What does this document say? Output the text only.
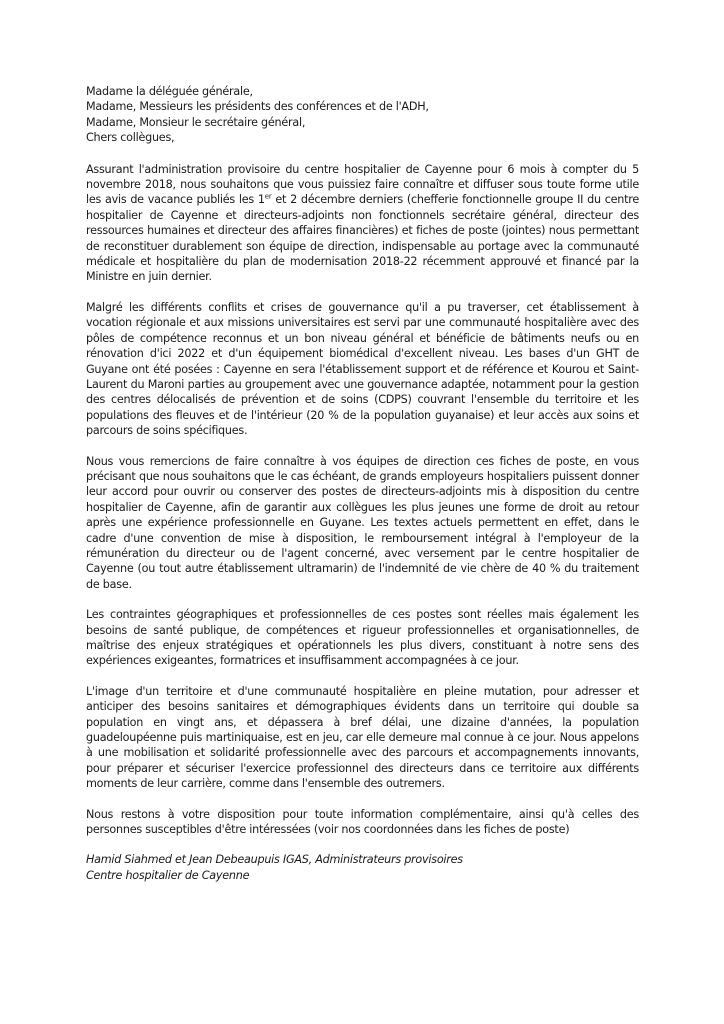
Madame la déléguée générale,

Madame, Messieurs les présidents des conférences et de l'ADH,

Madame, Monsieur le secrétaire général,

Chers collègues,

Assurant l'administration provisoire du centre hospitalier de Cayenne pour 6 mois à compter du 5 novembre 2018, nous souhaitons que vous puissiez faire connaître et diffuser sous toute forme utile les avis de vacance publiés les 1er et 2 décembre derniers (chefferie fonctionnelle groupe II du centre hospitalier de Cayenne et directeurs-adjoints non fonctionnels secrétaire général, directeur des ressources humaines et directeur des affaires financières) et fiches de poste (jointes) nous permettant de reconstituer durablement son équipe de direction, indispensable au portage avec la communauté médicale et hospitalière du plan de modernisation 2018-22 récemment approuvé et financé par la Ministre en juin dernier.

Malgré les différents conflits et crises de gouvernance qu'il a pu traverser, cet établissement à vocation régionale et aux missions universitaires est servi par une communauté hospitalière avec des pôles de compétence reconnus et un bon niveau général et bénéficie de bâtiments neufs ou en rénovation d'ici 2022 et d'un équipement biomédical d'excellent niveau. Les bases d'un GHT de Guyane ont été posées : Cayenne en sera l'établissement support et de référence et Kourou et Saint-Laurent du Maroni parties au groupement avec une gouvernance adaptée, notamment pour la gestion des centres délocalisés de prévention et de soins (CDPS) couvrant l'ensemble du territoire et les populations des fleuves et de l'intérieur (20 % de la population guyanaise) et leur accès aux soins et parcours de soins spécifiques.

Nous vous remercions de faire connaître à vos équipes de direction ces fiches de poste, en vous précisant que nous souhaitons que le cas échéant, de grands employeurs hospitaliers puissent donner leur accord pour ouvrir ou conserver des postes de directeurs-adjoints mis à disposition du centre hospitalier de Cayenne, afin de garantir aux collègues les plus jeunes une forme de droit au retour après une expérience professionnelle en Guyane. Les textes actuels permettent en effet, dans le cadre d'une convention de mise à disposition, le remboursement intégral à l'employeur de la rémunération du directeur ou de l'agent concerné, avec versement par le centre hospitalier de Cayenne (ou tout autre établissement ultramarin) de l'indemnité de vie chère de 40 % du traitement de base.

Les contraintes géographiques et professionnelles de ces postes sont réelles mais également les besoins de santé publique, de compétences et rigueur professionnelles et organisationnelles, de maîtrise des enjeux stratégiques et opérationnels les plus divers, constituant à notre sens des expériences exigeantes, formatrices et insuffisamment accompagnées à ce jour.

L'image d'un territoire et d'une communauté hospitalière en pleine mutation, pour adresser et anticiper des besoins sanitaires et démographiques évidents dans un territoire qui double sa population en vingt ans, et dépassera à bref délai, une dizaine d'années, la population guadeloupéenne puis martiniquaise, est en jeu, car elle demeure mal connue à ce jour. Nous appelons à une mobilisation et solidarité professionnelle avec des parcours et accompagnements innovants, pour préparer et sécuriser l'exercice professionnel des directeurs dans ce territoire aux différents moments de leur carrière, comme dans l'ensemble des outremers.

Nous restons à votre disposition pour toute information complémentaire, ainsi qu'à celles des personnes susceptibles d'être intéressées (voir nos coordonnées dans les fiches de poste)

Hamid Siahmed et Jean Debeaupuis IGAS, Administrateurs provisoires

Centre hospitalier de Cayenne
